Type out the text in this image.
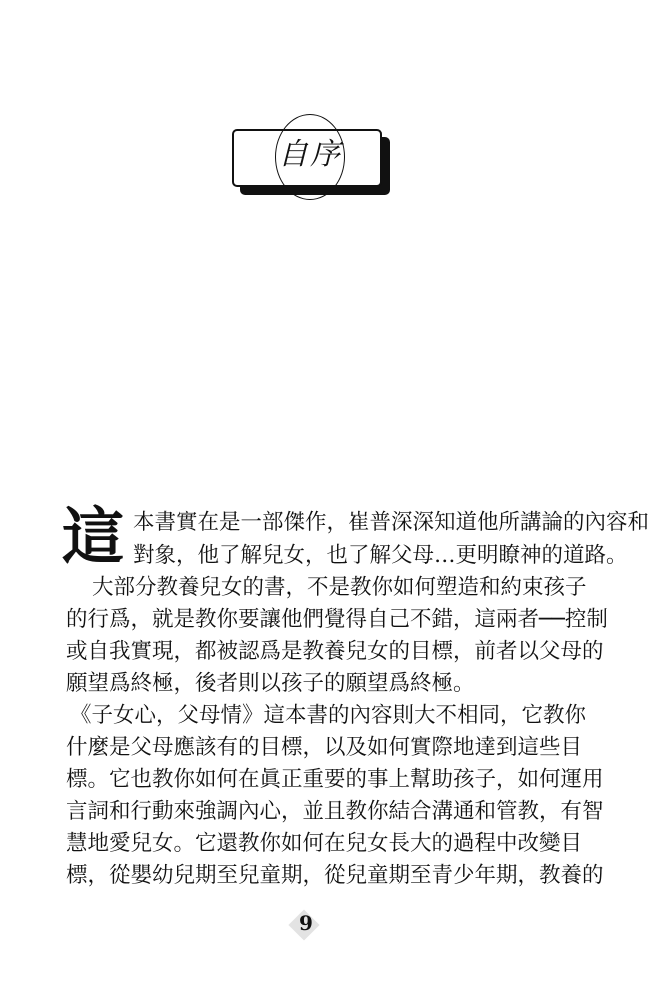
自序
這 本書實在是一部傑作，崔普深深知道他所講論的內容和
對象，他了解兒女，也了解父母…更明瞭神的道路。
大部分教養兒女的書，不是教你如何塑造和約束孩子
的行爲，就是教你要讓他們覺得自己不錯，這兩者──控制
或自我實現，都被認爲是教養兒女的目標，前者以父母的
願望爲終極，後者則以孩子的願望爲終極。
《子女心，父母情》這本書的內容則大不相同，它教你
什麼是父母應該有的目標，以及如何實際地達到這些目
標。它也教你如何在眞正重要的事上幫助孩子，如何運用
言詞和行動來強調內心，並且教你結合溝通和管教，有智
慧地愛兒女。它還教你如何在兒女長大的過程中改變目
標，從嬰幼兒期至兒童期，從兒童期至青少年期，教養的
9
